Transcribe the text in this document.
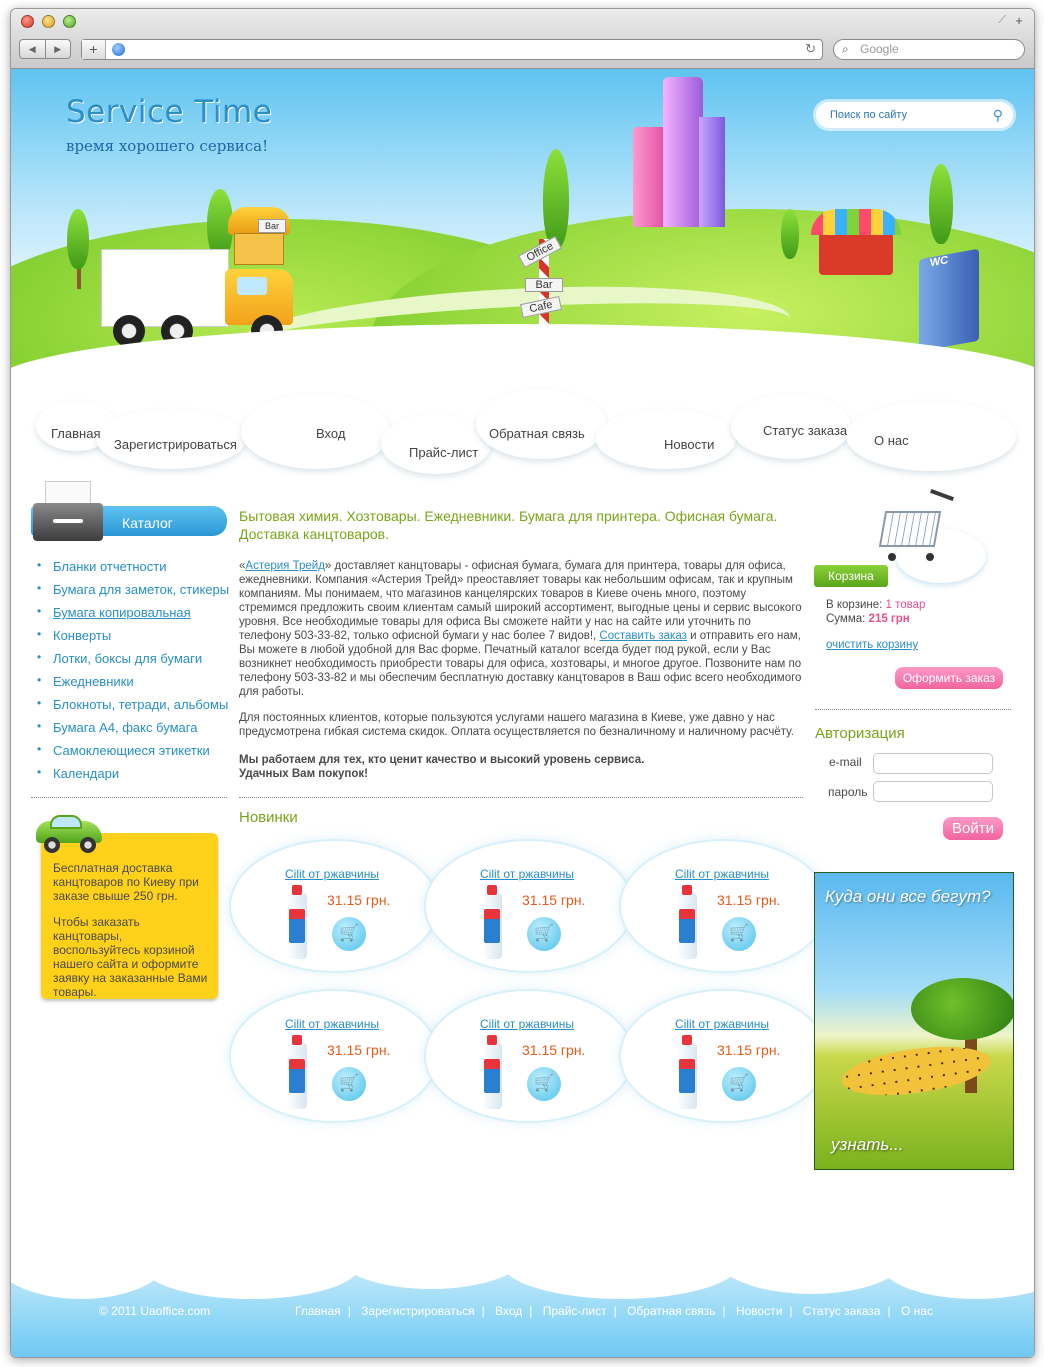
⟋ +
◀	▶	+	↻ ⌕ Google
Bar
Office
Bar
Cafe
WC
Service Time
время хорошего сервиса!
Поиск по сайту	⚲
Главная
Зарегистрироваться
Вход
Прайс-лист
Обратная связь
Новости
Статус заказа
О нас
Каталог
• Бланки отчетности
• Бумага для заметок, стикеры
• Бумага копировальная
• Конверты
• Лотки, боксы для бумаги
• Ежедневники
• Блокноты, тетради, альбомы
• Бумага А4, факс бумага
• Самоклеющиеся этикетки
• Календари

Бесплатная доставка канцтоваров по Киеву при заказе свыше 250 грн.

Чтобы заказать канцтовары, воспользуйтесь корзиной нашего сайта и оформите заявку на заказанные Вами товары.

Бытовая химия. Хозтовары. Ежедневники. Бумага для принтера. Офисная бумага. Доставка канцтоваров.
«Астерия Трейд» доставляет канцтовары - офисная бумага, бумага для принтера, товары для офиса, ежедневники. Компания «Астерия Трейд» преоставляет товары как небольшим офисам, так и крупным компаниям. Мы понимаем, что магазинов канцелярских товаров в Киеве очень много, поэтому стремимся предложить своим клиентам самый широкий ассортимент, выгодные цены и сервис высокого уровня. Все необходимые товары для офиса Вы сможете найти у нас на сайте или уточнить по телефону 503-33-82, только офисной бумаги у нас более 7 видов!, Составить заказ и отправить его нам, Вы можете в любой удобной для Вас форме. Печатный каталог всегда будет под рукой, если у Вас возникнет необходимость приобрести товары для офиса, хозтовары, и многое другое. Позвоните нам по телефону 503-33-82 и мы обеспечим бесплатную доставку канцтоваров в Ваш офис всего необходимого для работы.
Для постоянных клиентов, которые пользуются услугами нашего магазина в Киеве, уже давно у нас предусмотрена гибкая система скидок. Оплата осуществляется по безналичному и наличному расчёту.
Мы работаем для тех, кто ценит качество и высокий уровень сервиса.
Удачных Вам покупок!
Новинки
Cilit от ржавчины
31.15 грн.
🛒
Cilit от ржавчины
31.15 грн.
🛒
Cilit от ржавчины
31.15 грн.
🛒
Cilit от ржавчины
31.15 грн.
🛒
Cilit от ржавчины
31.15 грн.
🛒
Cilit от ржавчины
31.15 грн.
🛒
Корзина
В корзине: 1 товар
Сумма: 215 грн
очистить корзину
Оформить заказ
Авторизация
e-mail
пароль
Войти
Куда они все бегут?
узнать...
© 2011 Uaoffice.com	Главная | Зарегистрироваться | Вход | Прайс-лист | Обратная связь | Новости | Статус заказа | О нас
